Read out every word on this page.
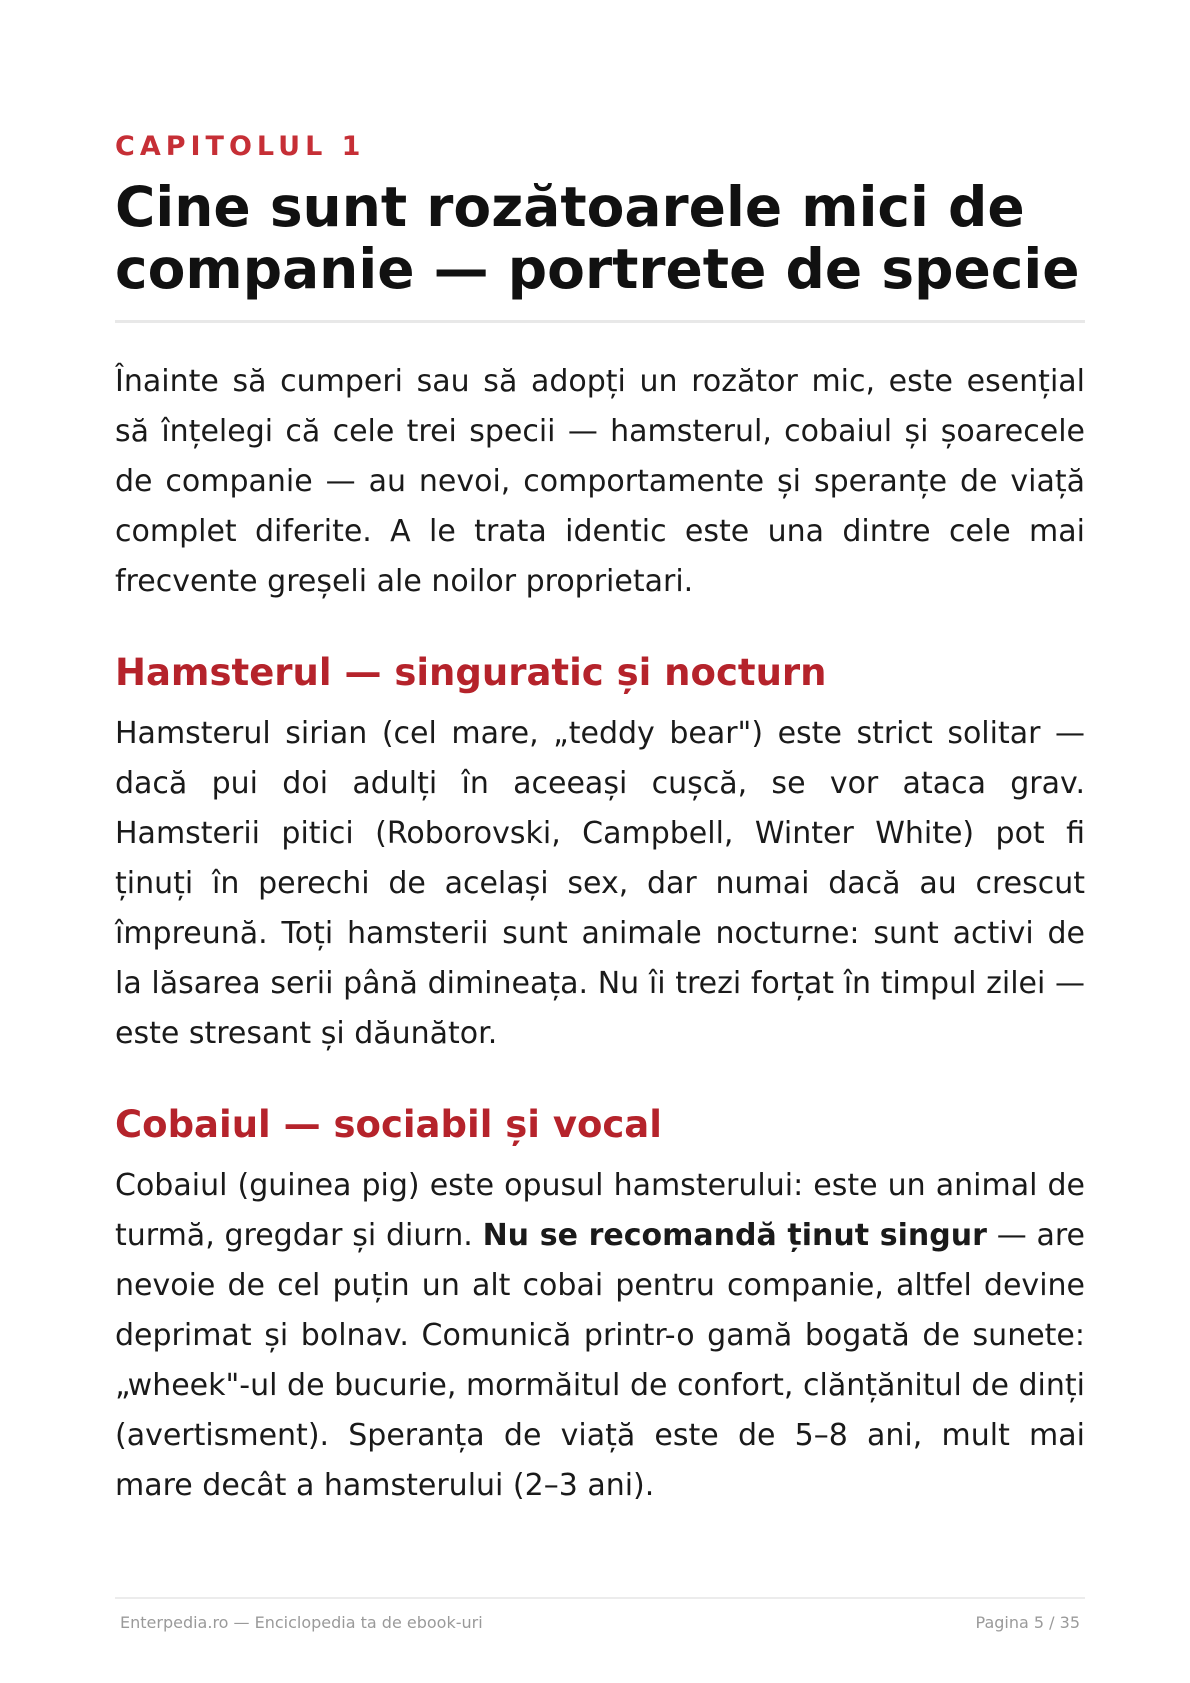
CAPITOLUL 1
Cine sunt rozătoarele mici de companie — portrete de specie

Înainte să cumperi sau să adopți un rozător mic, este esențial să înțelegi că cele trei specii — hamsterul, cobaiul și șoarecele de companie — au nevoi, comportamente și speranțe de viață complet diferite. A le trata identic este una dintre cele mai frecvente greșeli ale noilor proprietari.

Hamsterul — singuratic și nocturn

Hamsterul sirian (cel mare, „teddy bear") este strict solitar — dacă pui doi adulți în aceeași cușcă, se vor ataca grav. Hamsterii pitici (Roborovski, Campbell, Winter White) pot fi ținuți în perechi de același sex, dar numai dacă au crescut împreună. Toți hamsterii sunt animale nocturne: sunt activi de la lăsarea serii până dimineața. Nu îi trezi forțat în timpul zilei — este stresant și dăunător.

Cobaiul — sociabil și vocal

Cobaiul (guinea pig) este opusul hamsterului: este un animal de turmă, gregdar și diurn. Nu se recomandă ținut singur — are nevoie de cel puțin un alt cobai pentru companie, altfel devine deprimat și bolnav. Comunică printr-o gamă bogată de sunete: „wheek"-ul de bucurie, mormăitul de confort, clănțănitul de dinți (avertisment). Speranța de viață este de 5–8 ani, mult mai mare decât a hamsterului (2–3 ani).

Enterpedia.ro — Enciclopedia ta de ebook-uri	Pagina 5 / 35
